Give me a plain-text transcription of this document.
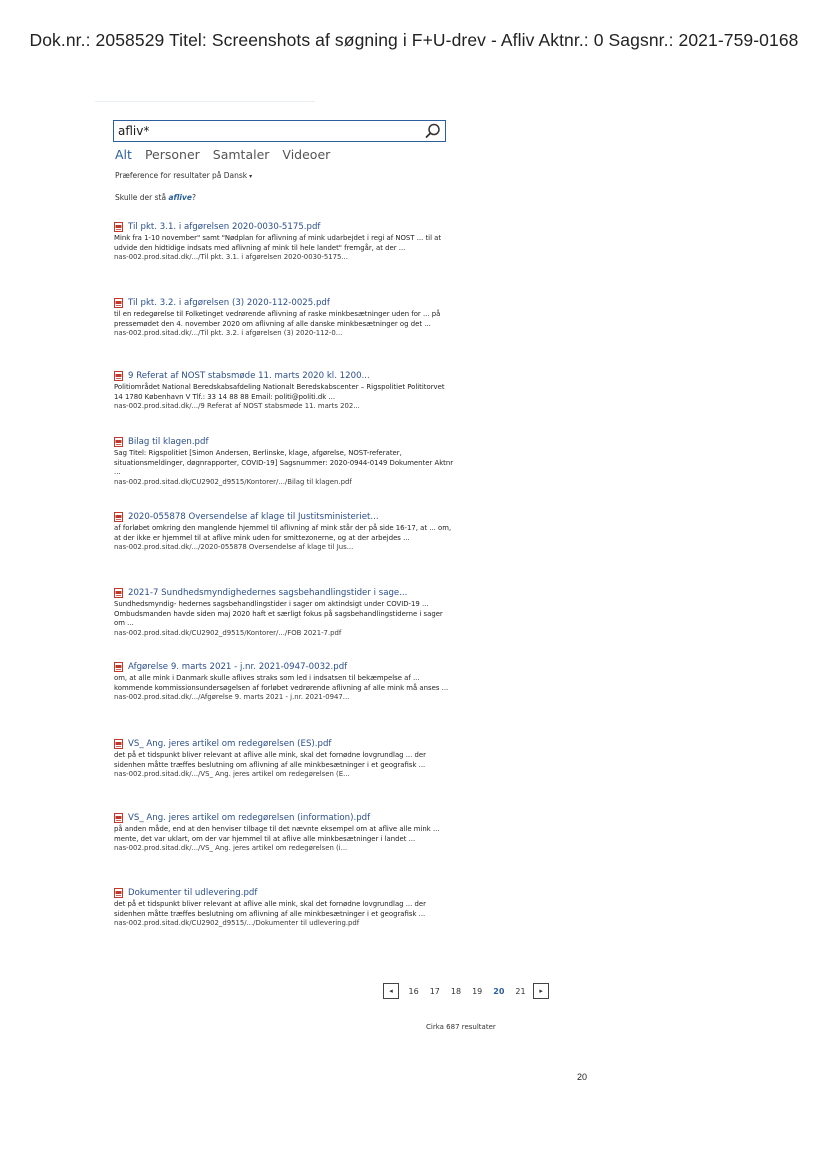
Dok.nr.: 2058529 Titel: Screenshots af søgning i F+U-drev - Afliv Aktnr.: 0 Sagsnr.: 2021-759-0168
afliv*
Alt Personer Samtaler Videoer
Præference for resultater på Dansk ▾
Skulle der stå aflive?
Til pkt. 3.1. i afgørelsen 2020-0030-5175.pdf
Mink fra 1-10 november" samt "Nødplan for aflivning af mink udarbejdet i regi af NOST ... til at udvide den hidtidige indsats med aflivning af mink til hele landet" fremgår, at der ...
nas-002.prod.sitad.dk/.../Til pkt. 3.1. i afgørelsen 2020-0030-5175...
Til pkt. 3.2. i afgørelsen (3) 2020-112-0025.pdf
til en redegørelse til Folketinget vedrørende aflivning af raske minkbesætninger uden for ... på pressemødet den 4. november 2020 om aflivning af alle danske minkbesætninger og det ...
nas-002.prod.sitad.dk/.../Til pkt. 3.2. i afgørelsen (3) 2020-112-0...
9 Referat af NOST stabsmøde 11. marts 2020 kl. 1200...
Politiområdet National Beredskabsafdeling Nationalt Beredskabscenter – Rigspolitiet Polititorvet 14 1780 København V Tlf.: 33 14 88 88 Email: politi@politi.dk ...
nas-002.prod.sitad.dk/.../9 Referat af NOST stabsmøde 11. marts 202...
Bilag til klagen.pdf
Sag Titel: Rigspolitiet [Simon Andersen, Berlinske, klage, afgørelse, NOST-referater, situationsmeldinger, døgnrapporter, COVID-19] Sagsnummer: 2020-0944-0149 Dokumenter Aktnr ...
nas-002.prod.sitad.dk/CU2902_d9515/Kontorer/.../Bilag til klagen.pdf
2020-055878 Oversendelse af klage til Justitsministeriet...
af forløbet omkring den manglende hjemmel til aflivning af mink står der på side 16-17, at ... om, at der ikke er hjemmel til at aflive mink uden for smittezonerne, og at der arbejdes ...
nas-002.prod.sitad.dk/.../2020-055878 Oversendelse af klage til Jus...
2021-7 Sundhedsmyndighedernes sagsbehandlingstider i sage...
Sundhedsmyndig- hedernes sagsbehandlingstider i sager om aktindsigt under COVID-19 ... Ombudsmanden havde siden maj 2020 haft et særligt fokus på sagsbehandlingstiderne i sager om ...
nas-002.prod.sitad.dk/CU2902_d9515/Kontorer/.../FOB 2021-7.pdf
Afgørelse 9. marts 2021 - j.nr. 2021-0947-0032.pdf
om, at alle mink i Danmark skulle aflives straks som led i indsatsen til bekæmpelse af ... kommende kommissionsundersøgelsen af forløbet vedrørende aflivning af alle mink må anses ...
nas-002.prod.sitad.dk/.../Afgørelse 9. marts 2021 - j.nr. 2021-0947...
VS_ Ang. jeres artikel om redegørelsen (ES).pdf
det på et tidspunkt bliver relevant at aflive alle mink, skal det fornødne lovgrundlag ... der sidenhen måtte træffes beslutning om aflivning af alle minkbesætninger i et geografisk ...
nas-002.prod.sitad.dk/.../VS_ Ang. jeres artikel om redegørelsen (E...
VS_ Ang. jeres artikel om redegørelsen (information).pdf
på anden måde, end at den henviser tilbage til det nævnte eksempel om at aflive alle mink ... mente, det var uklart, om der var hjemmel til at aflive alle minkbesætninger i landet ...
nas-002.prod.sitad.dk/.../VS_ Ang. jeres artikel om redegørelsen (i...
Dokumenter til udlevering.pdf
det på et tidspunkt bliver relevant at aflive alle mink, skal det fornødne lovgrundlag ... der sidenhen måtte træffes beslutning om aflivning af alle minkbesætninger i et geografisk ...
nas-002.prod.sitad.dk/CU2902_d9515/.../Dokumenter til udlevering.pdf
◂	16 17 18 19 20 21	▸
Cirka 687 resultater
20
